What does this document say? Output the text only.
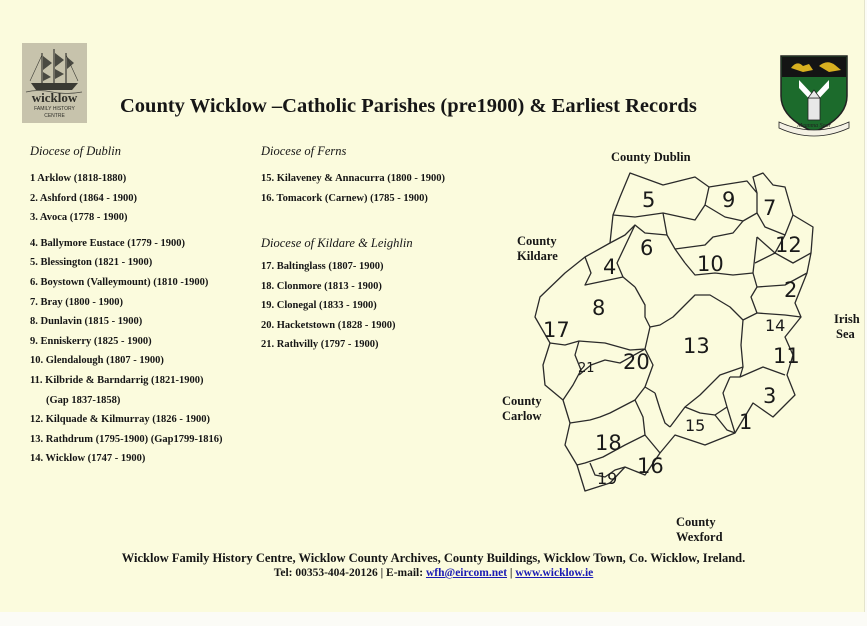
wicklow
FAMILY HISTORY
CENTRE	County Wicklow –Catholic Parishes (pre1900) & Earliest Records
Meanma Saor
Diocese of Dublin
1 Arklow (1818-1880)
2. Ashford (1864 - 1900)
3. Avoca (1778 - 1900)
4. Ballymore Eustace (1779 - 1900)
5. Blessington (1821 - 1900)
6. Boystown (Valleymount) (1810 -1900)
7. Bray (1800 - 1900)
8. Dunlavin (1815 - 1900)
9. Enniskerry (1825 - 1900)
10. Glendalough (1807 - 1900)
11. Kilbride & Barndarrig (1821-1900)
(Gap 1837-1858)
12. Kilquade & Kilmurray (1826 - 1900)
13. Rathdrum (1795-1900) (Gap1799-1816)
14. Wicklow (1747 - 1900)
Diocese of Ferns
15. Kilaveney & Annacurra (1800 - 1900)
16. Tomacork (Carnew) (1785 - 1900)
Diocese of Kildare & Leighlin
17. Baltinglass (1807- 1900)
18. Clonmore (1813 - 1900)
19. Clonegal (1833 - 1900)
20. Hacketstown (1828 - 1900)
21. Rathvilly (1797 - 1900)
5	9 7
12
6
4	10
2
8
14
17
13	11
20
21
3
15 1
18
16
19
County Dublin
County
Kildare
Irish
Sea
County
Carlow
County
Wexford
Wicklow Family History Centre, Wicklow County Archives, County Buildings, Wicklow Town, Co. Wicklow, Ireland.
Tel: 00353-404-20126 | E-mail: wfh@eircom.net | www.wicklow.ie
